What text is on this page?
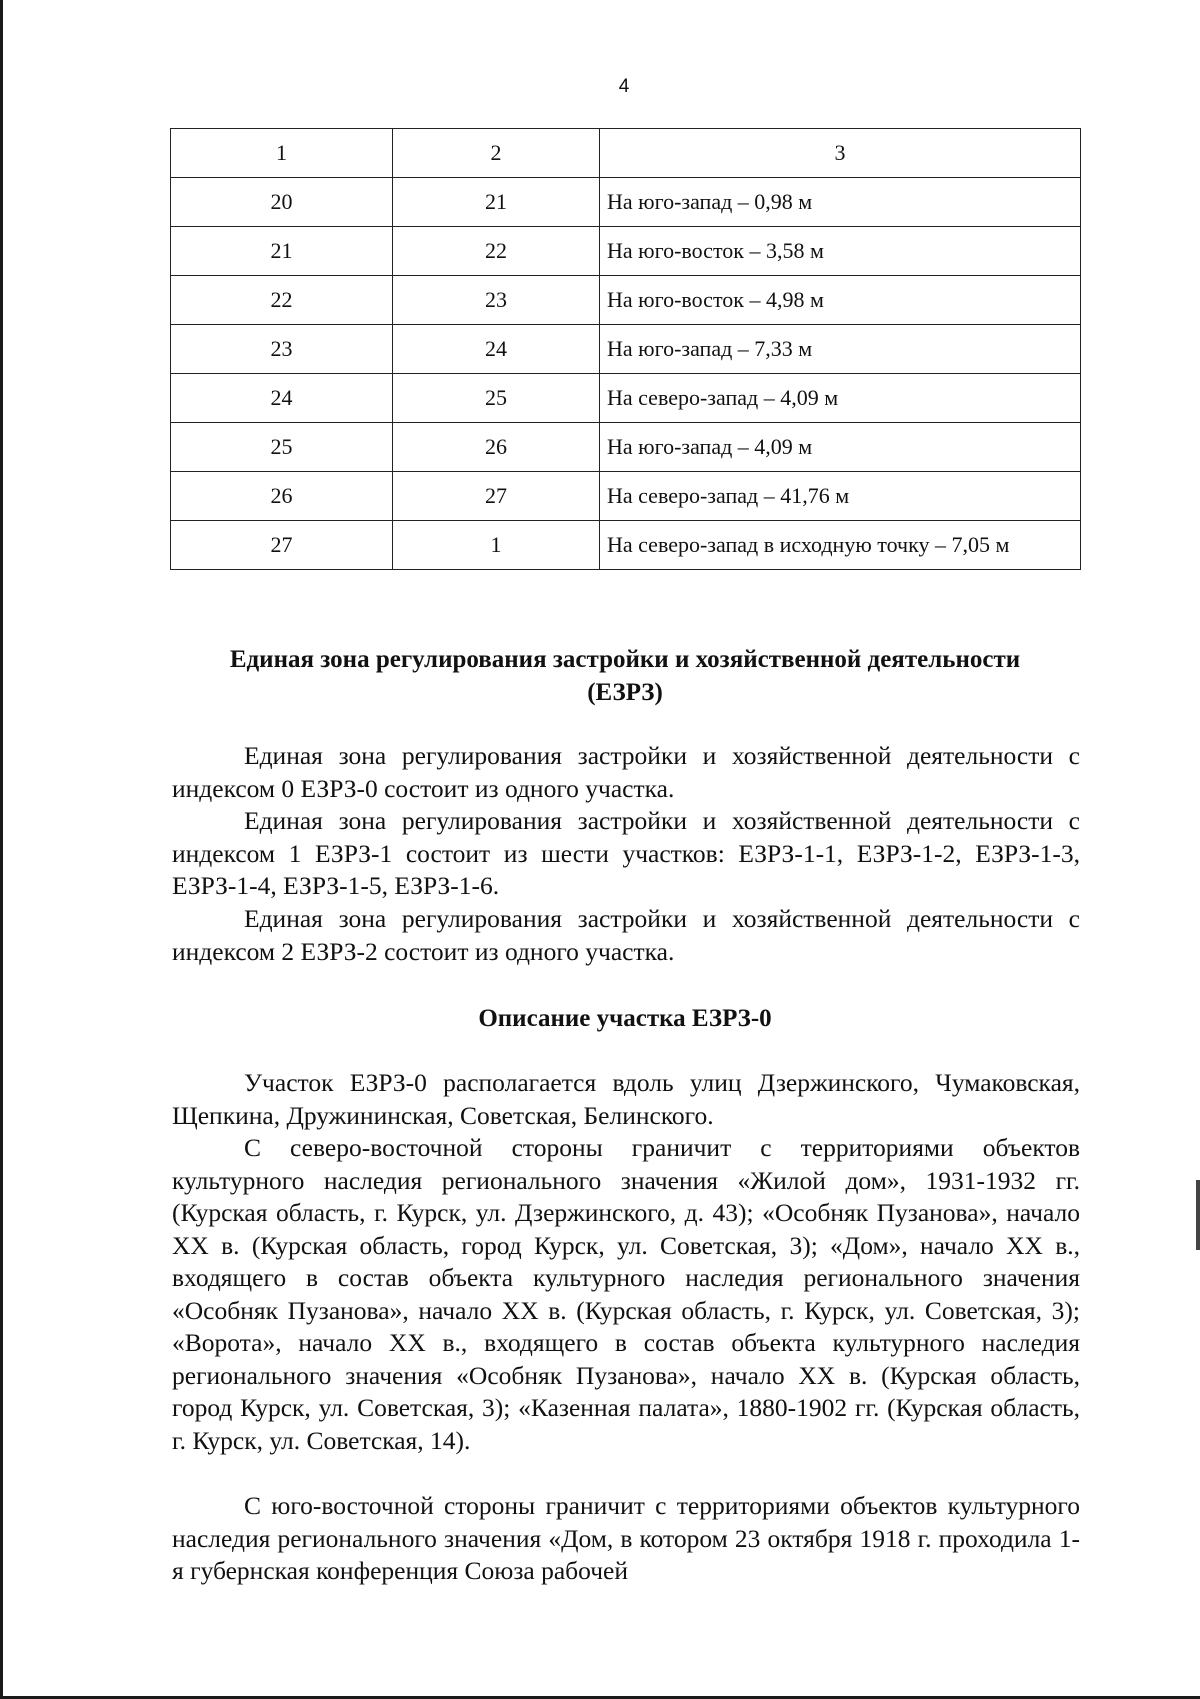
4
1	2	3
20	21	На юго-запад – 0,98 м
21	22	На юго-восток – 3,58 м
22	23	На юго-восток – 4,98 м
23	24	На юго-запад – 7,33 м
24	25	На северо-запад – 4,09 м
25	26	На юго-запад – 4,09 м
26	27	На северо-запад – 41,76 м
27	1	На северо-запад в исходную точку – 7,05 м
Единая зона регулирования застройки и хозяйственной деятельности
(ЕЗРЗ)

Единая зона регулирования застройки и хозяйственной деятельности с индексом 0 ЕЗРЗ-0 состоит из одного участка.

Единая зона регулирования застройки и хозяйственной деятельности с индексом 1 ЕЗРЗ-1 состоит из шести участков: ЕЗРЗ-1-1, ЕЗРЗ-1-2, ЕЗРЗ-1-3, ЕЗРЗ-1-4, ЕЗРЗ-1-5, ЕЗРЗ-1-6.

Единая зона регулирования застройки и хозяйственной деятельности с индексом 2 ЕЗРЗ-2 состоит из одного участка.

Описание участка ЕЗРЗ-0

Участок ЕЗРЗ-0 располагается вдоль улиц Дзержинского, Чумаковская, Щепкина, Дружининская, Советская, Белинского.

С северо-восточной стороны граничит с территориями объектов культурного наследия регионального значения «Жилой дом», 1931-1932 гг. (Курская область, г. Курск, ул. Дзержинского, д. 43); «Особняк Пузанова», начало XX в. (Курская область, город Курск, ул. Советская, 3); «Дом», начало XX в., входящего в состав объекта культурного наследия регионального значения «Особняк Пузанова», начало XX в. (Курская область, г. Курск, ул. Советская, 3); «Ворота», начало XX в., входящего в состав объекта культурного наследия регионального значения «Особняк Пузанова», начало XX в. (Курская область, город Курск, ул. Советская, 3); «Казенная палата», 1880-1902 гг. (Курская область, г. Курск, ул. Советская, 14).

С юго-восточной стороны граничит с территориями объектов культурного наследия регионального значения «Дом, в котором 23 октября 1918 г. проходила 1-я губернская конференция Союза рабочей
